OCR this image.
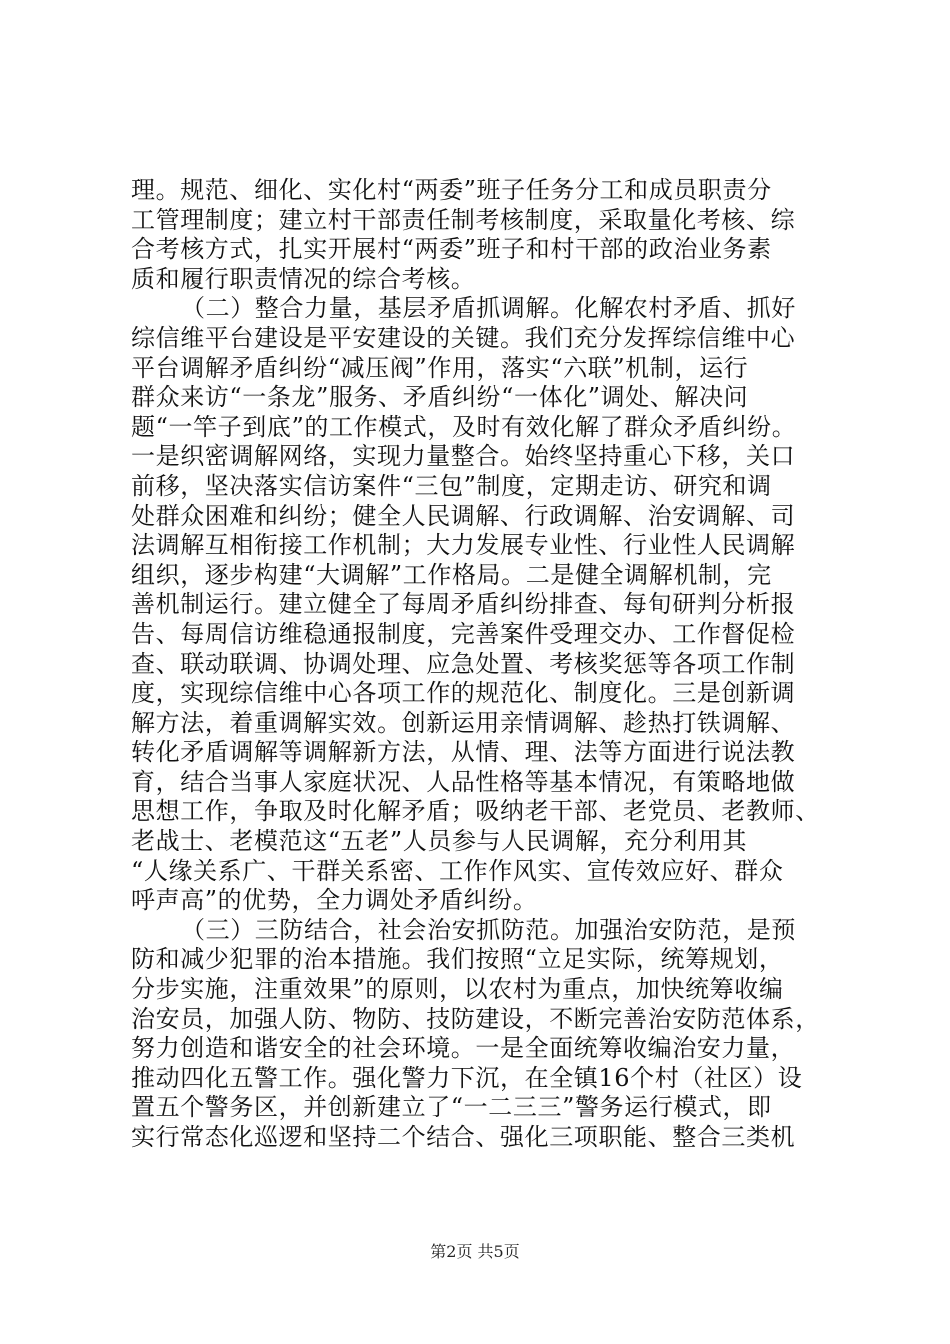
理。规范、细化、实化村“两委”班子任务分工和成员职责分
工管理制度；建立村干部责任制考核制度，采取量化考核、综
合考核方式，扎实开展村“两委”班子和村干部的政治业务素
质和履行职责情况的综合考核。
（二）整合力量，基层矛盾抓调解。化解农村矛盾、抓好
综信维平台建设是平安建设的关键。我们充分发挥综信维中心
平台调解矛盾纠纷“减压阀”作用，落实“六联”机制，运行
群众来访“一条龙”服务、矛盾纠纷“一体化”调处、解决问
题“一竿子到底”的工作模式，及时有效化解了群众矛盾纠纷。
一是织密调解网络，实现力量整合。始终坚持重心下移，关口
前移，坚决落实信访案件“三包”制度，定期走访、研究和调
处群众困难和纠纷；健全人民调解、行政调解、治安调解、司
法调解互相衔接工作机制；大力发展专业性、行业性人民调解
组织，逐步构建“大调解”工作格局。二是健全调解机制，完
善机制运行。建立健全了每周矛盾纠纷排查、每旬研判分析报
告、每周信访维稳通报制度，完善案件受理交办、工作督促检
查、联动联调、协调处理、应急处置、考核奖惩等各项工作制
度，实现综信维中心各项工作的规范化、制度化。三是创新调
解方法，着重调解实效。创新运用亲情调解、趁热打铁调解、
转化矛盾调解等调解新方法，从情、理、法等方面进行说法教
育，结合当事人家庭状况、人品性格等基本情况，有策略地做
思想工作，争取及时化解矛盾；吸纳老干部、老党员、老教师、
老战士、老模范这“五老”人员参与人民调解，充分利用其
“人缘关系广、干群关系密、工作作风实、宣传效应好、群众
呼声高”的优势，全力调处矛盾纠纷。
（三）三防结合，社会治安抓防范。加强治安防范，是预
防和减少犯罪的治本措施。我们按照“立足实际，统筹规划，
分步实施，注重效果”的原则，以农村为重点，加快统筹收编
治安员，加强人防、物防、技防建设，不断完善治安防范体系，
努力创造和谐安全的社会环境。一是全面统筹收编治安力量，
推动四化五警工作。强化警力下沉，在全镇16个村（社区）设
置五个警务区，并创新建立了“一二三三”警务运行模式，即
实行常态化巡逻和坚持二个结合、强化三项职能、整合三类机
第2页 共5页
